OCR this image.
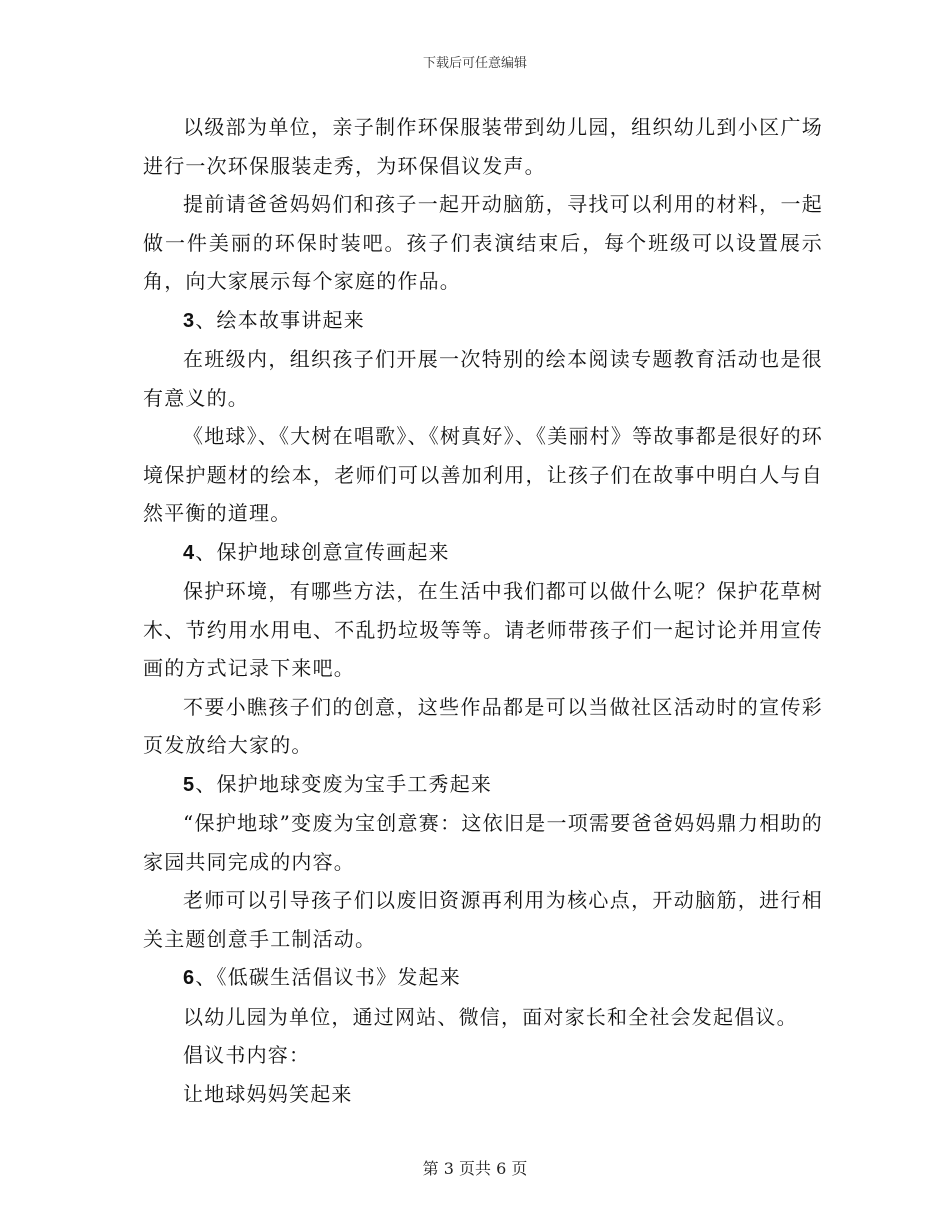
下载后可任意编辑

以级部为单位，亲子制作环保服装带到幼儿园，组织幼儿到小区广场进行一次环保服装走秀，为环保倡议发声。

提前请爸爸妈妈们和孩子一起开动脑筋，寻找可以利用的材料，一起做一件美丽的环保时装吧。孩子们表演结束后，每个班级可以设置展示角，向大家展示每个家庭的作品。

3、绘本故事讲起来

在班级内，组织孩子们开展一次特别的绘本阅读专题教育活动也是很有意义的。

《地球》、《大树在唱歌》、《树真好》、《美丽村》等故事都是很好的环境保护题材的绘本，老师们可以善加利用，让孩子们在故事中明白人与自然平衡的道理。

4、保护地球创意宣传画起来

保护环境，有哪些方法，在生活中我们都可以做什么呢？保护花草树木、节约用水用电、不乱扔垃圾等等。请老师带孩子们一起讨论并用宣传画的方式记录下来吧。

不要小瞧孩子们的创意，这些作品都是可以当做社区活动时的宣传彩页发放给大家的。

5、保护地球变废为宝手工秀起来

“保护地球”变废为宝创意赛：这依旧是一项需要爸爸妈妈鼎力相助的家园共同完成的内容。

老师可以引导孩子们以废旧资源再利用为核心点，开动脑筋，进行相关主题创意手工制活动。

6、《低碳生活倡议书》发起来

以幼儿园为单位，通过网站、微信，面对家长和全社会发起倡议。

倡议书内容：

让地球妈妈笑起来

第 3 页共 6 页
